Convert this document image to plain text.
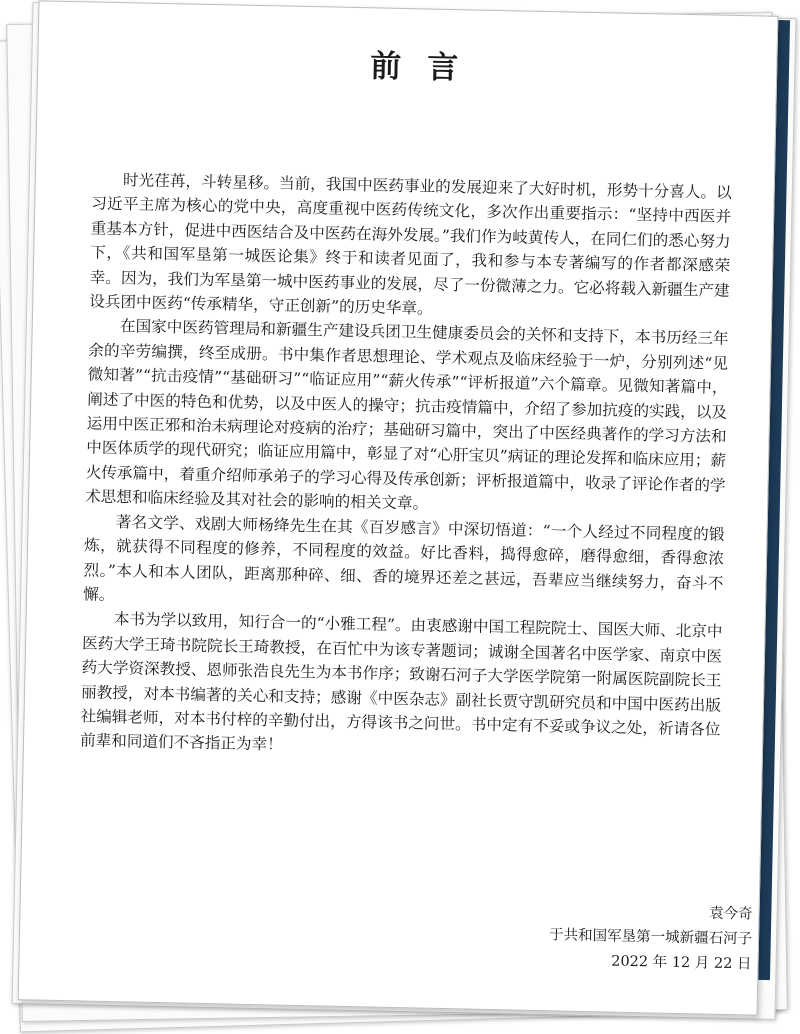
前言

时光荏苒，斗转星移。当前，我国中医药事业的发展迎来了大好时机，形势十分喜人。以习近平主席为核心的党中央，高度重视中医药传统文化，多次作出重要指示：“坚持中西医并重基本方针，促进中西医结合及中医药在海外发展。”我们作为岐黄传人，在同仁们的悉心努力下，《共和国军垦第一城医论集》终于和读者见面了，我和参与本专著编写的作者都深感荣幸。因为，我们为军垦第一城中医药事业的发展，尽了一份微薄之力。它必将载入新疆生产建设兵团中医药“传承精华，守正创新”的历史华章。

在国家中医药管理局和新疆生产建设兵团卫生健康委员会的关怀和支持下，本书历经三年余的辛劳编撰，终至成册。书中集作者思想理论、学术观点及临床经验于一炉，分别列述“见微知著”“抗击疫情”“基础研习”“临证应用”“薪火传承”“评析报道”六个篇章。见微知著篇中，阐述了中医的特色和优势，以及中医人的操守；抗击疫情篇中，介绍了参加抗疫的实践，以及运用中医正邪和治未病理论对疫病的治疗；基础研习篇中，突出了中医经典著作的学习方法和中医体质学的现代研究；临证应用篇中，彰显了对“心肝宝贝”病证的理论发挥和临床应用；薪火传承篇中，着重介绍师承弟子的学习心得及传承创新；评析报道篇中，收录了评论作者的学术思想和临床经验及其对社会的影响的相关文章。

著名文学、戏剧大师杨绛先生在其《百岁感言》中深切悟道：“一个人经过不同程度的锻炼，就获得不同程度的修养，不同程度的效益。好比香料，捣得愈碎，磨得愈细，香得愈浓烈。”本人和本人团队，距离那种碎、细、香的境界还差之甚远，吾辈应当继续努力，奋斗不懈。

本书为学以致用，知行合一的“小雅工程”。由衷感谢中国工程院院士、国医大师、北京中医药大学王琦书院院长王琦教授，在百忙中为该专著题词；诚谢全国著名中医学家、南京中医药大学资深教授、恩师张浩良先生为本书作序；致谢石河子大学医学院第一附属医院副院长王丽教授，对本书编著的关心和支持；感谢《中医杂志》副社长贾守凯研究员和中国中医药出版社编辑老师，对本书付梓的辛勤付出，方得该书之问世。书中定有不妥或争议之处，祈请各位前辈和同道们不吝指正为幸！

袁今奇
于共和国军垦第一城新疆石河子
2022 年 12 月 22 日
